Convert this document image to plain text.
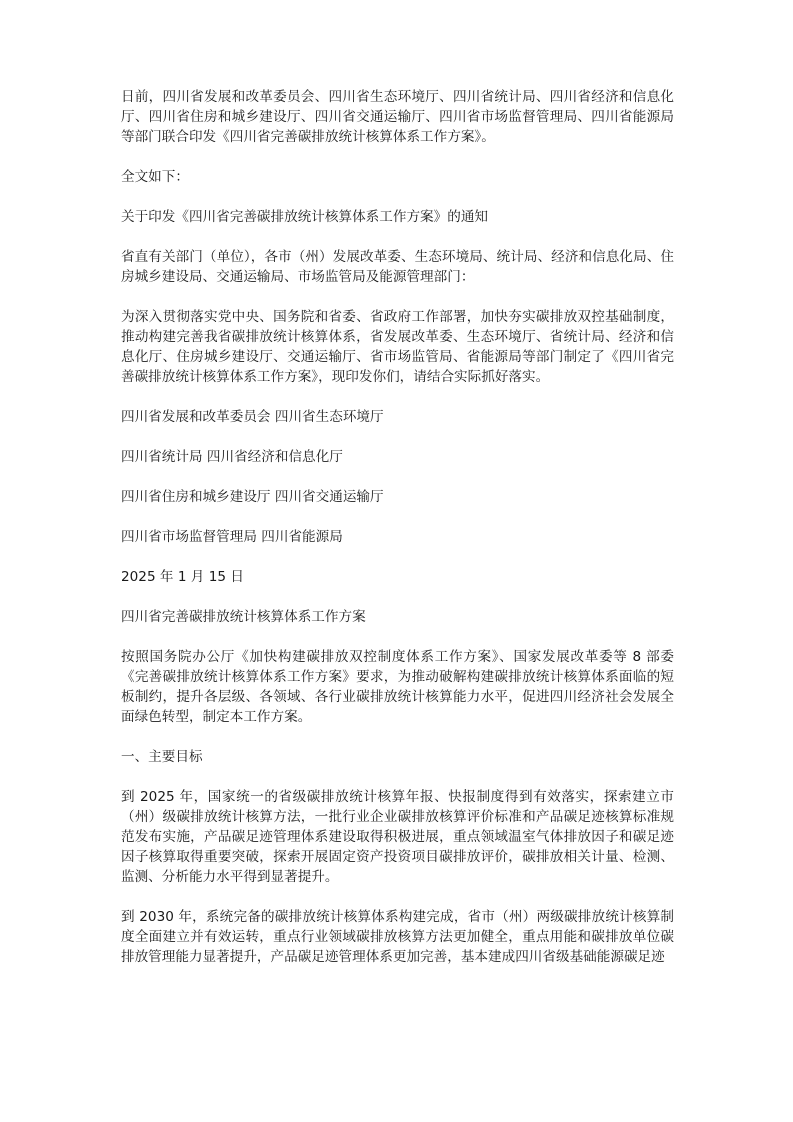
日前，四川省发展和改革委员会、四川省生态环境厅、四川省统计局、四川省经济和信息化厅、四川省住房和城乡建设厅、四川省交通运输厅、四川省市场监督管理局、四川省能源局等部门联合印发《四川省完善碳排放统计核算体系工作方案》。

全文如下：

关于印发《四川省完善碳排放统计核算体系工作方案》的通知

省直有关部门（单位），各市（州）发展改革委、生态环境局、统计局、经济和信息化局、住房城乡建设局、交通运输局、市场监管局及能源管理部门：

为深入贯彻落实党中央、国务院和省委、省政府工作部署，加快夯实碳排放双控基础制度，推动构建完善我省碳排放统计核算体系，省发展改革委、生态环境厅、省统计局、经济和信息化厅、住房城乡建设厅、交通运输厅、省市场监管局、省能源局等部门制定了《四川省完善碳排放统计核算体系工作方案》，现印发你们，请结合实际抓好落实。

四川省发展和改革委员会 四川省生态环境厅

四川省统计局 四川省经济和信息化厅

四川省住房和城乡建设厅 四川省交通运输厅

四川省市场监督管理局 四川省能源局

2025 年 1 月 15 日

四川省完善碳排放统计核算体系工作方案

按照国务院办公厅《加快构建碳排放双控制度体系工作方案》、国家发展改革委等 8 部委《完善碳排放统计核算体系工作方案》要求，为推动破解构建碳排放统计核算体系面临的短板制约，提升各层级、各领域、各行业碳排放统计核算能力水平，促进四川经济社会发展全面绿色转型，制定本工作方案。

一、主要目标

到 2025 年，国家统一的省级碳排放统计核算年报、快报制度得到有效落实，探索建立市（州）级碳排放统计核算方法，一批行业企业碳排放核算评价标准和产品碳足迹核算标准规范发布实施，产品碳足迹管理体系建设取得积极进展，重点领域温室气体排放因子和碳足迹因子核算取得重要突破，探索开展固定资产投资项目碳排放评价，碳排放相关计量、检测、监测、分析能力水平得到显著提升。

到 2030 年，系统完备的碳排放统计核算体系构建完成，省市（州）两级碳排放统计核算制度全面建立并有效运转，重点行业领域碳排放核算方法更加健全，重点用能和碳排放单位碳排放管理能力显著提升，产品碳足迹管理体系更加完善，基本建成四川省级基础能源碳足迹
